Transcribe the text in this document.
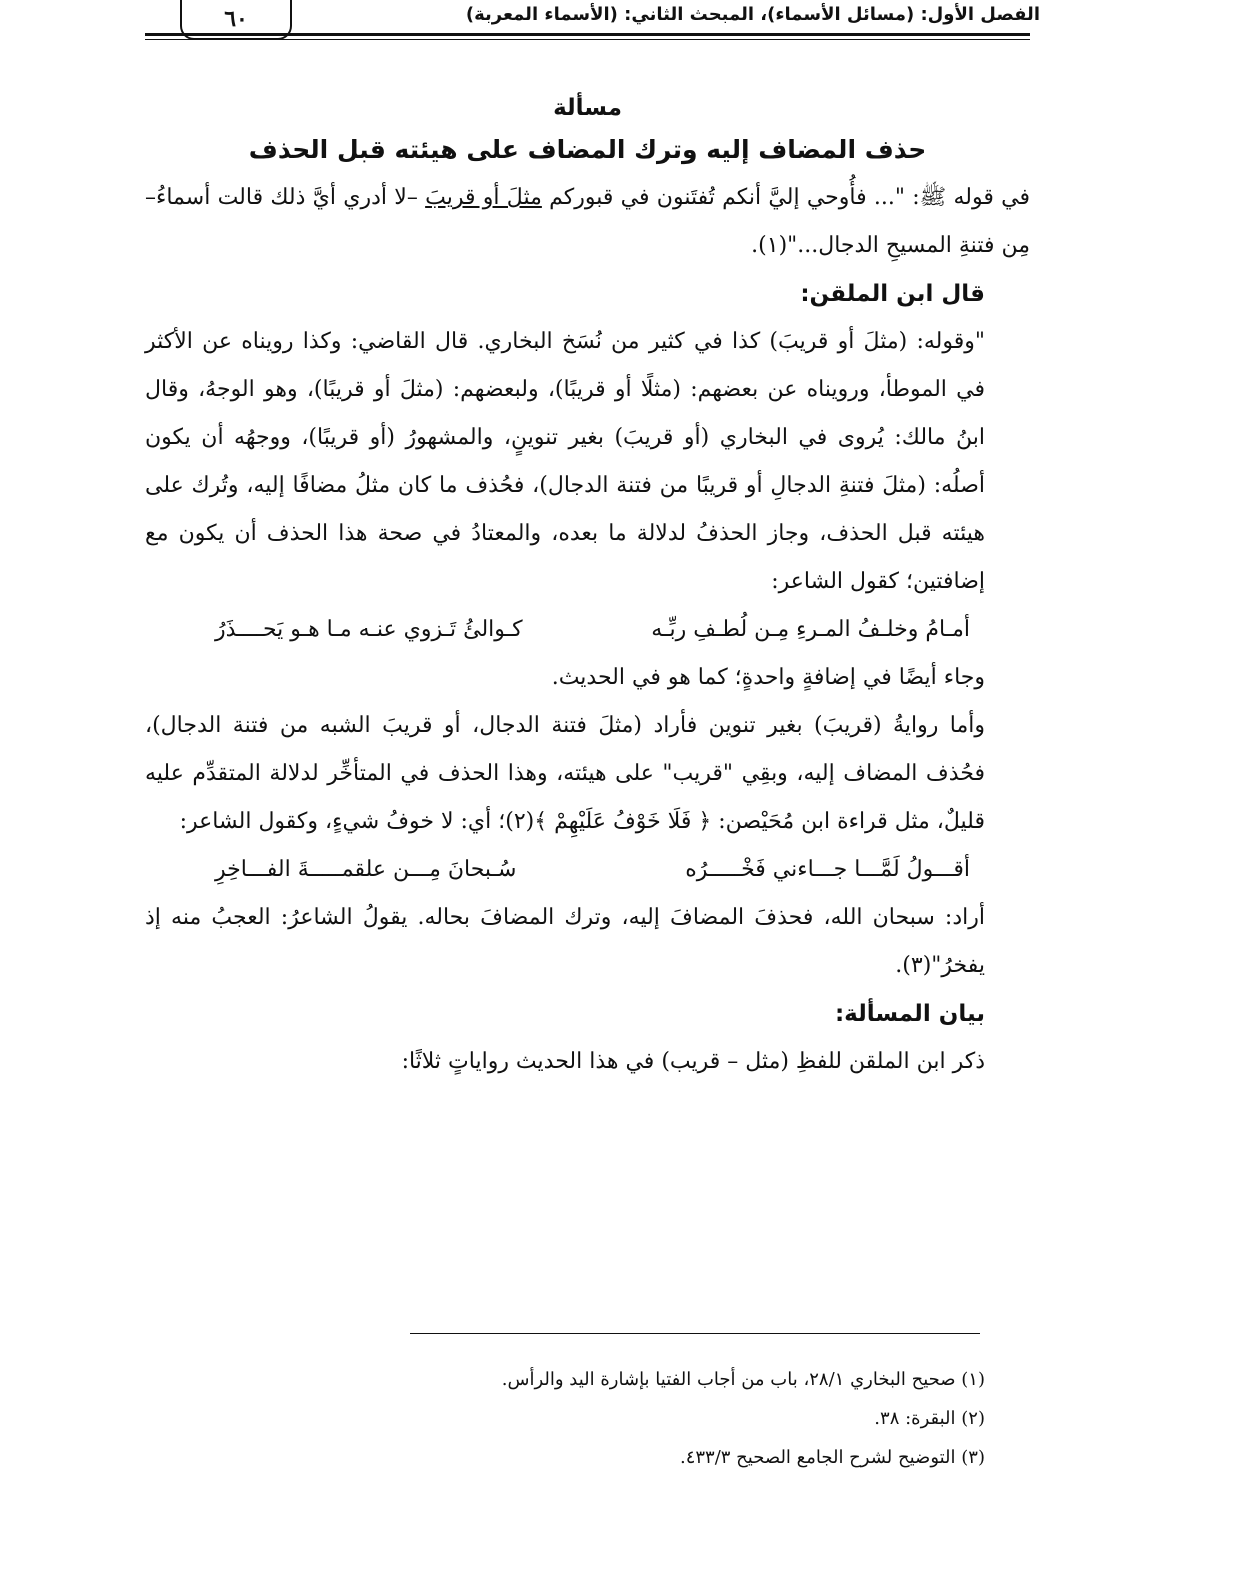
الفصل الأول: (مسائل الأسماء)، المبحث الثاني: (الأسماء المعربة)
٦٠
مسألة
حذف المضاف إليه وترك المضاف على هيئته قبل الحذف

في قوله ﷺ: "... فأُوحي إليَّ أنكم تُفتَنون في قبوركم مثلَ أو قريبَ –لا أدري أيَّ ذلك قالت أسماءُ– مِن فتنةِ المسيحِ الدجال..."(١).

قال ابن الملقن:

"وقوله: (مثلَ أو قريبَ) كذا في كثير من نُسَخ البخاري. قال القاضي: وكذا رويناه عن الأكثر في الموطأ، ورويناه عن بعضهم: (مثلًا أو قريبًا)، ولبعضهم: (مثلَ أو قريبًا)، وهو الوجهُ، وقال ابنُ مالك: يُروى في البخاري (أو قريبَ) بغير تنوينٍ، والمشهورُ (أو قريبًا)، ووجهُه أن يكون أصلُه: (مثلَ فتنةِ الدجالِ أو قريبًا من فتنة الدجال)، فحُذف ما كان مثلُ مضافًا إليه، وتُرك على هيئته قبل الحذف، وجاز الحذفُ لدلالة ما بعده، والمعتادُ في صحة هذا الحذف أن يكون مع إضافتين؛ كقول الشاعر:

أمـامُ وخلـفُ المـرءِ مِـن لُطـفِ ربِّـه
كـوالئُ تَـزوي عنـه مـا هـو يَحــــذَرُ

وجاء أيضًا في إضافةٍ واحدةٍ؛ كما هو في الحديث.

وأما روايةُ (قريبَ) بغير تنوين فأراد (مثلَ فتنة الدجال، أو قريبَ الشبه من فتنة الدجال)، فحُذف المضاف إليه، وبقِي "قريب" على هيئته، وهذا الحذف في المتأخِّر لدلالة المتقدِّم عليه قليلٌ، مثل قراءة ابن مُحَيْصن: ﴿ فَلَا خَوْفُ عَلَيْهِمْ ﴾(٢)؛ أي: لا خوفُ شيءٍ، وكقول الشاعر:

أقـــولُ لَمَّـــا جـــاءني فَخْـــــرُه
سُـبحانَ مِـــن علقمـــــةَ الفـــاخِرِ

أراد: سبحان الله، فحذفَ المضافَ إليه، وترك المضافَ بحاله. يقولُ الشاعرُ: العجبُ منه إذ يفخرُ"(٣).

بيان المسألة:

ذكر ابن الملقن للفظِ (مثل – قريب) في هذا الحديث رواياتٍ ثلاثًا:

(١) صحيح البخاري ٢٨/١، باب من أجاب الفتيا بإشارة اليد والرأس.
(٢) البقرة: ٣٨.
(٣) التوضيح لشرح الجامع الصحيح ٤٣٣/٣.
